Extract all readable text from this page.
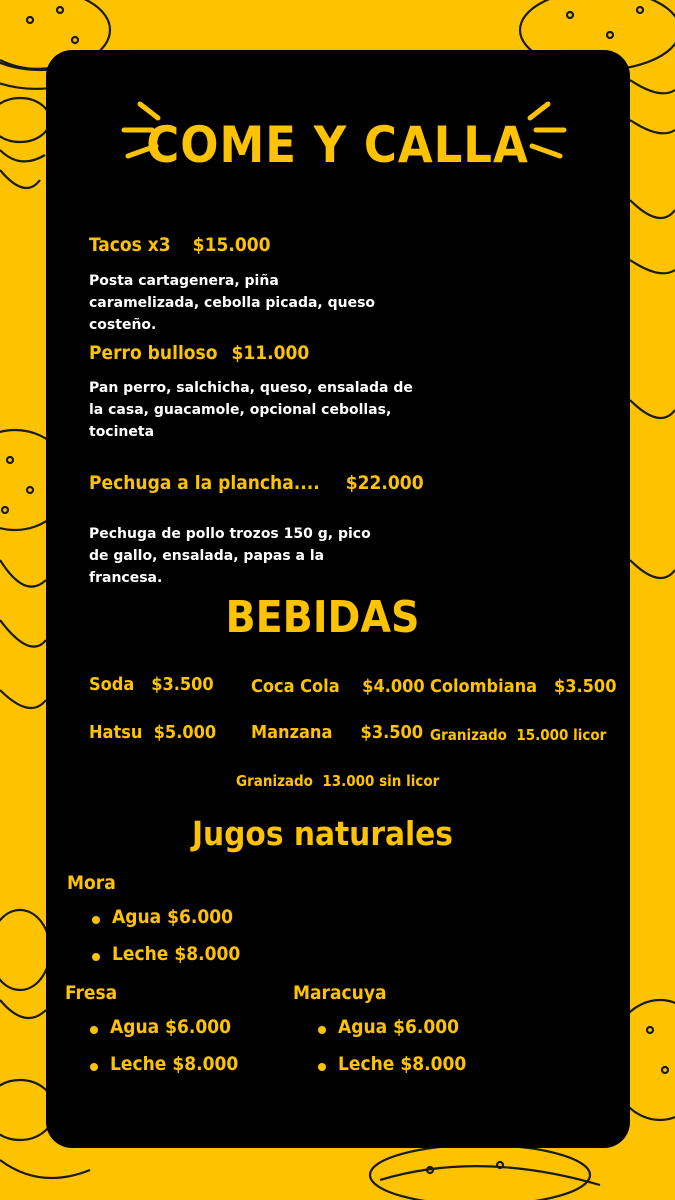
COME Y CALLA
Tacos x3 $15.000
Posta cartagenera, piña caramelizada, cebolla picada, queso costeño.
Perro bulloso $11.000
Pan perro, salchicha, queso, ensalada de la casa, guacamole, opcional cebollas, tocineta
Pechuga a la plancha.... $22.000
Pechuga de pollo trozos 150 g, pico de gallo, ensalada, papas a la francesa.
BEBIDAS
Soda   $3.500 Coca Cola    $4.000 Colombiana   $3.500
Hatsu  $5.000 Manzana     $3.500 Granizado  15.000 licor
Granizado  13.000 sin licor
Jugos naturales
Mora
Agua $6.000
Leche $8.000
Fresa
Agua $6.000
Leche $8.000
Maracuya
Agua $6.000
Leche $8.000
